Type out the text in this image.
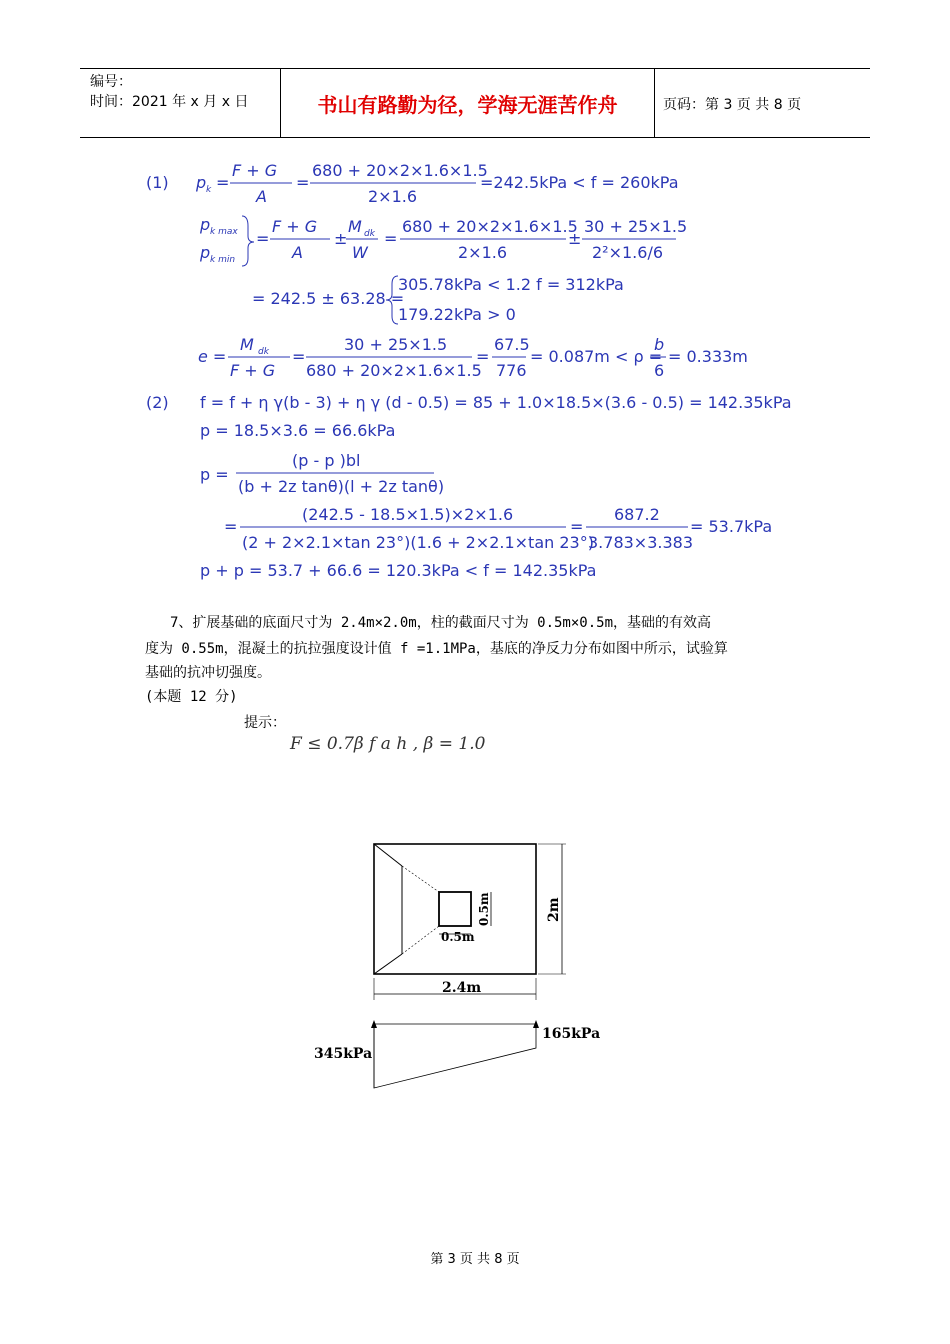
编号：
时间：2021 年 x 月 x 日	书山有路勤为径，学海无涯苦作舟	页码：第 3 页 共 8 页
(1) p k =
F + G
A
=
680 + 20×2×1.6×1.5
2×1.6
=242.5kPa < f = 260kPa
p k max
p k min
=
F + G
A
±
M dk
W
=
680 + 20×2×1.6×1.5
2×1.6
±
30 + 25×1.5
2²×1.6/6
= 242.5 ± 63.28 =
305.78kPa < 1.2 f = 312kPa
179.22kPa > 0
e =
M dk
F + G
=
30 + 25×1.5
680 + 20×2×1.6×1.5
=
67.5
776
= 0.087m < ρ =
b
6
= 0.333m
(2) f = f + η γ(b - 3) + η γ (d - 0.5) = 85 + 1.0×18.5×(3.6 - 0.5) = 142.35kPa
p = 18.5×3.6 = 66.6kPa
p =
(p - p )bl
(b + 2z tanθ)(l + 2z tanθ)
=
(242.5 - 18.5×1.5)×2×1.6
(2 + 2×2.1×tan 23°)(1.6 + 2×2.1×tan 23°)
=
687.2
3.783×3.383
= 53.7kPa
p + p = 53.7 + 66.6 = 120.3kPa < f = 142.35kPa
7、扩展基础的底面尺寸为 2.4m×2.0m，柱的截面尺寸为 0.5m×0.5m，基础的有效高
度为 0.55m，混凝土的抗拉强度设计值 f =1.1MPa，基底的净反力分布如图中所示，试验算
基础的抗冲切强度。
(本题 12 分)
提示：
F ≤ 0.7β f a h , β = 1.0
0.5m
0.5m
2m
2.4m
345kPa
165kPa
第 3 页 共 8 页
